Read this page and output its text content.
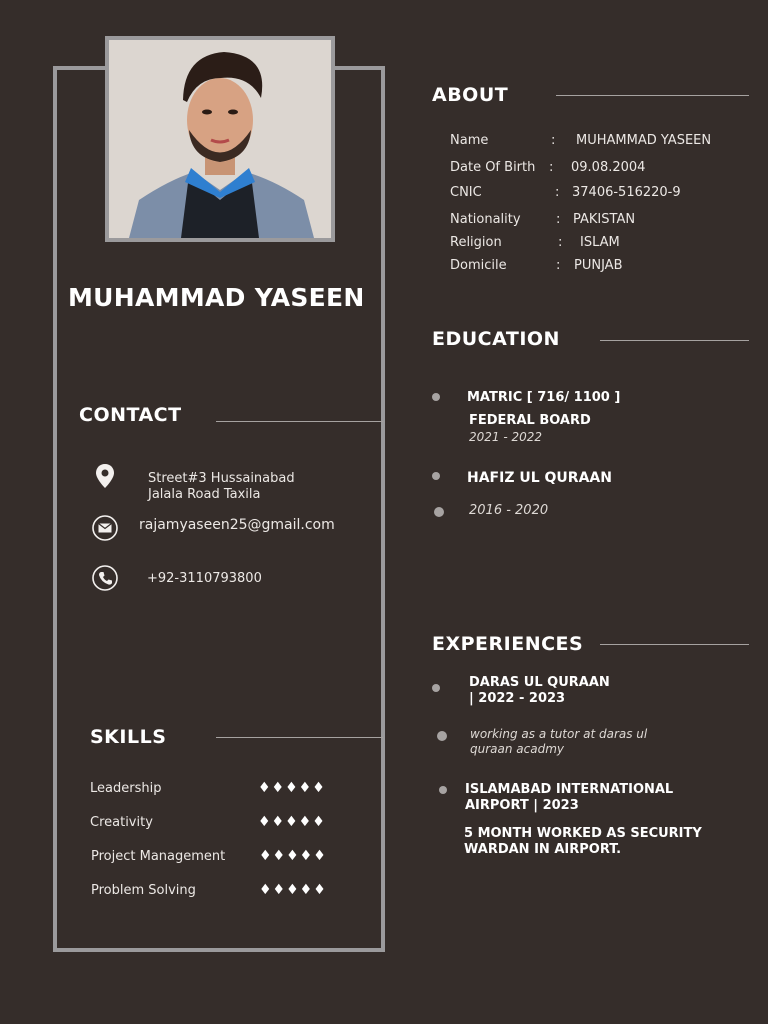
MUHAMMAD YASEEN
CONTACT
Street#3 Hussainabad
Jalala Road Taxila
rajamyaseen25@gmail.com
+92-3110793800
SKILLS
Leadership	♦♦♦♦♦
Creativity	♦♦♦♦♦
Project Management ♦♦♦♦♦
Problem Solving	♦♦♦♦♦
ABOUT
Name	: MUHAMMAD YASEEN
Date Of Birth : 09.08.2004
CNIC	: 37406-516220-9
Nationality	: PAKISTAN
Religion	: ISLAM
Domicile	: PUNJAB
EDUCATION
MATRIC [ 716/ 1100 ]
FEDERAL BOARD
2021 - 2022
HAFIZ UL QURAAN
2016 - 2020
EXPERIENCES
DARAS UL QURAAN
| 2022 - 2023
working as a tutor at daras ul
quraan acadmy
ISLAMABAD INTERNATIONAL
AIRPORT | 2023
5 MONTH WORKED AS SECURITY
WARDAN IN AIRPORT.
